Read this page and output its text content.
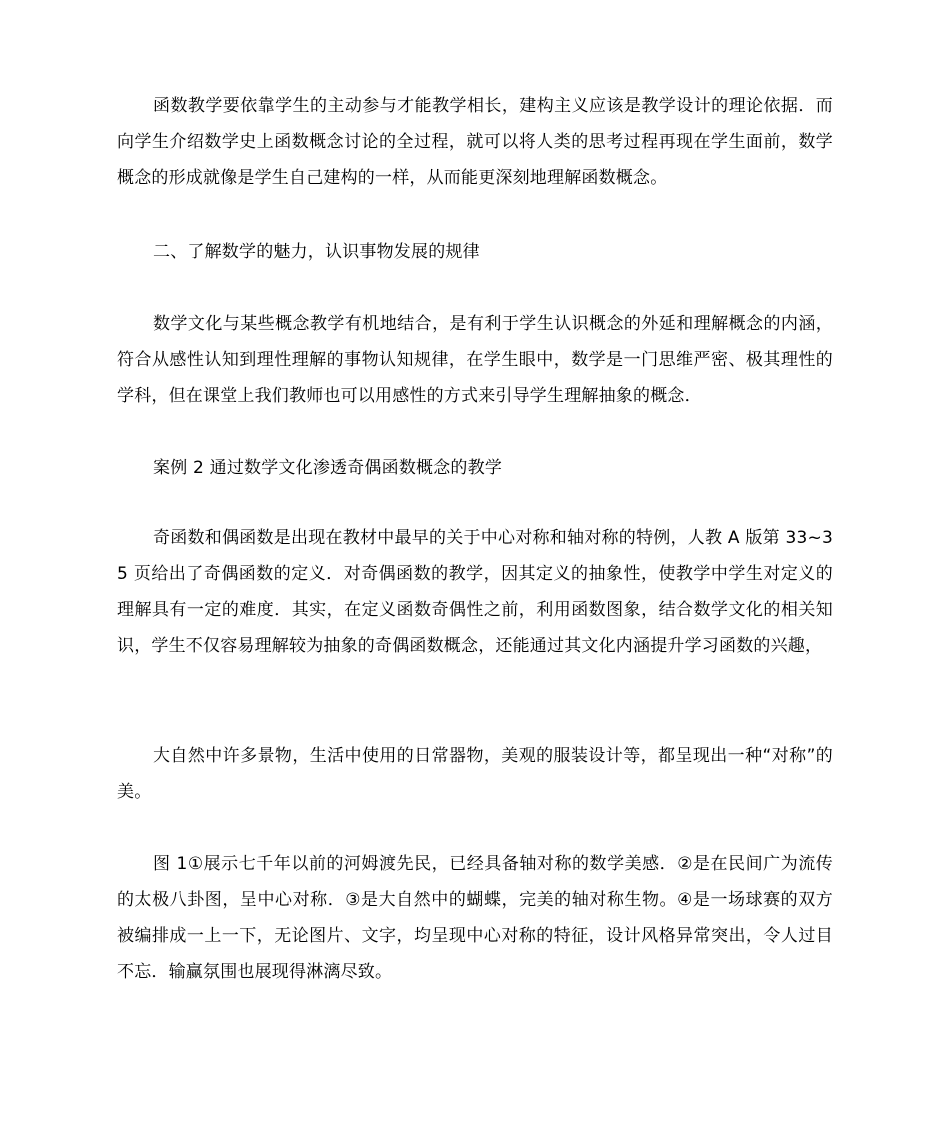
函数教学要依靠学生的主动参与才能教学相长，建构主义应该是教学设计的理论依据．而向学生介绍数学史上函数概念讨论的全过程，就可以将人类的思考过程再现在学生面前，数学概念的形成就像是学生自己建构的一样，从而能更深刻地理解函数概念。

二、了解数学的魅力，认识事物发展的规律

数学文化与某些概念教学有机地结合，是有利于学生认识概念的外延和理解概念的内涵，符合从感性认知到理性理解的事物认知规律，在学生眼中，数学是一门思维严密、极其理性的学科，但在课堂上我们教师也可以用感性的方式来引导学生理解抽象的概念．

案例 2 通过数学文化渗透奇偶函数概念的教学

奇函数和偶函数是出现在教材中最早的关于中心对称和轴对称的特例，人教 A 版第 33~35 页给出了奇偶函数的定义．对奇偶函数的教学，因其定义的抽象性，使教学中学生对定义的理解具有一定的难度．其实，在定义函数奇偶性之前，利用函数图象，结合数学文化的相关知识，学生不仅容易理解较为抽象的奇偶函数概念，还能通过其文化内涵提升学习函数的兴趣，

大自然中许多景物，生活中使用的日常器物，美观的服装设计等，都呈现出一种“对称”的美。

图 1①展示七千年以前的河姆渡先民，已经具备轴对称的数学美感．②是在民间广为流传的太极八卦图，呈中心对称．③是大自然中的蝴蝶，完美的轴对称生物。④是一场球赛的双方被编排成一上一下，无论图片、文字，均呈现中心对称的特征，设计风格异常突出，令人过目不忘．输赢氛围也展现得淋漓尽致。
